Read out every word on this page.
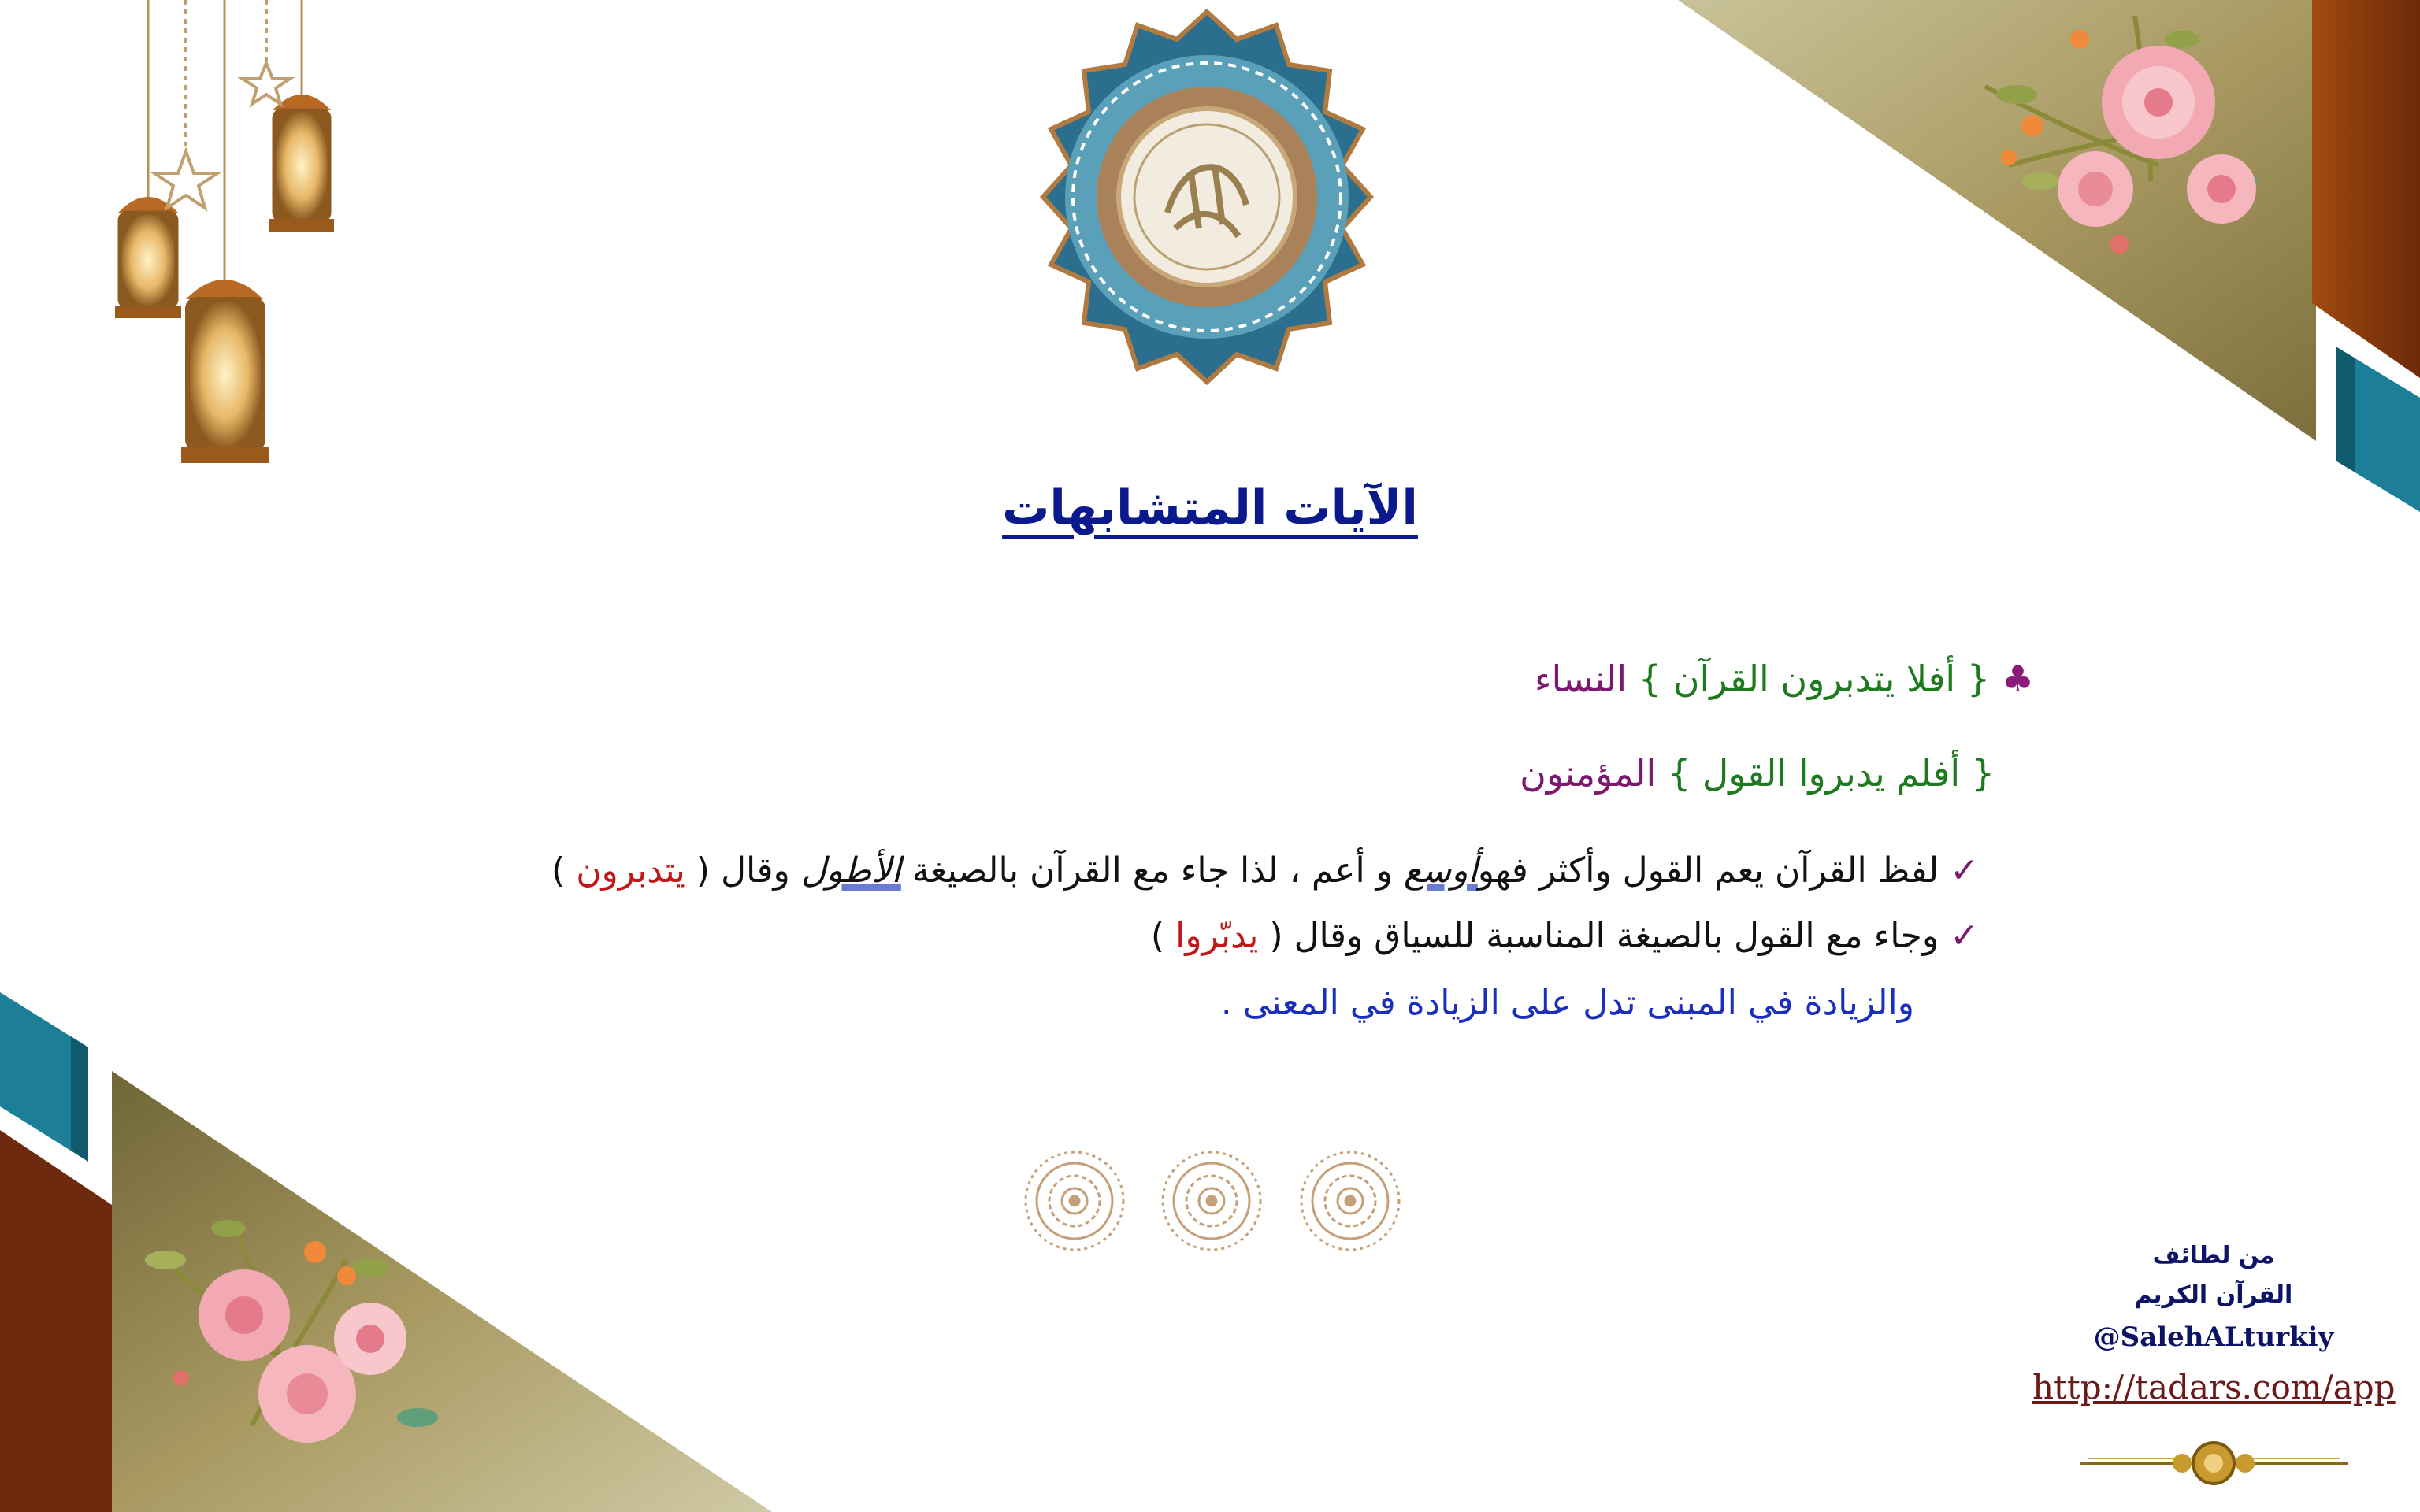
الآيات المتشابهات
♣ { أفلا يتدبرون القرآن } النساء
{ أفلم يدبروا القول } المؤمنون
✓ لفظ القرآن يعم القول وأكثر فهوأوسع و أعم ، لذا جاء مع القرآن بالصيغة الأطول وقال ( يتدبرون )
✓ وجاء مع القول بالصيغة المناسبة للسياق وقال ( يدبّروا )
والزيادة في المبنى تدل على الزيادة في المعنى .
من لطائف
القرآن الكريم
@SalehALturkiy
http://tadars.com/app
